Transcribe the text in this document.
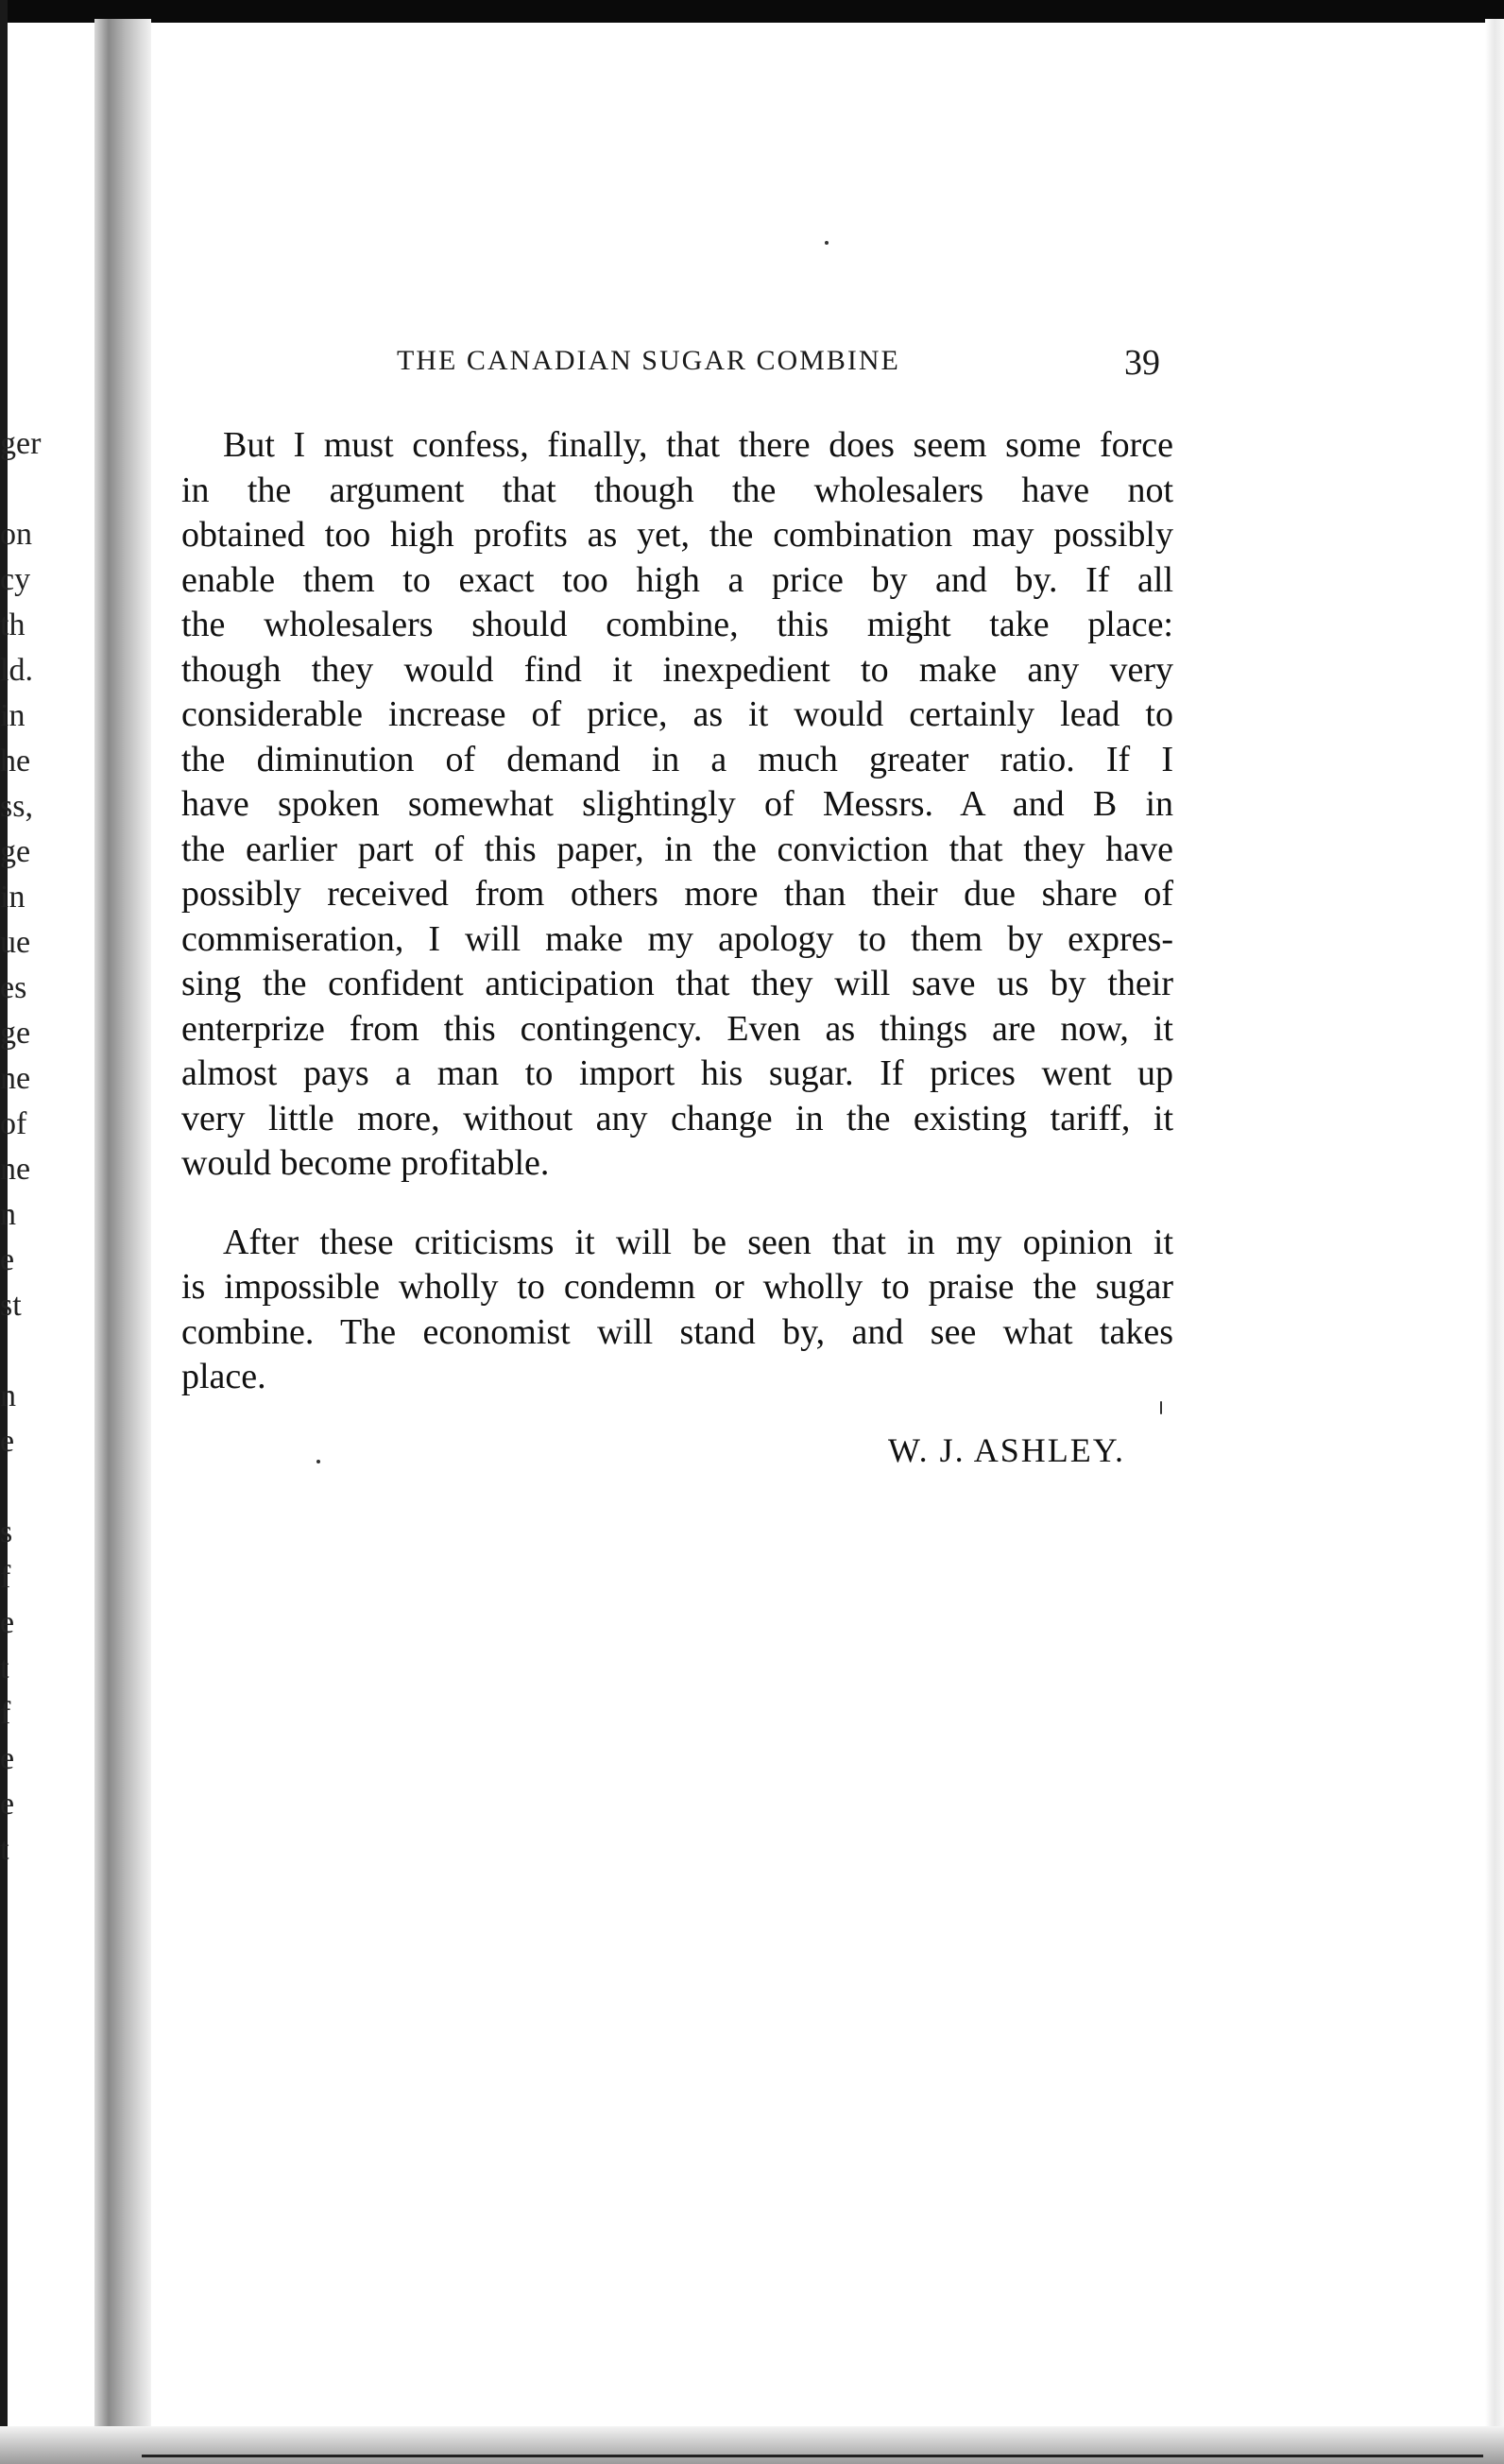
ger
on
cy
th
ld.
in
he
ss,
ge
in
ue
es
ge
ne
of
ne
n
e
st
n
e
s
f
e
t
f
e
e
t
THE CANADIAN SUGAR COMBINE	39
But I must confess, finally, that there does seem some force
in the argument that though the wholesalers have not
obtained too high profits as yet, the combination may possibly
enable them to exact too high a price by and by. If all
the wholesalers should combine, this might take place:
though they would find it inexpedient to make any very
considerable increase of price, as it would certainly lead to
the diminution of demand in a much greater ratio. If I
have spoken somewhat slightingly of Messrs. A and B in
the earlier part of this paper, in the conviction that they have
possibly received from others more than their due share of
commiseration, I will make my apology to them by expres-
sing the confident anticipation that they will save us by their
enterprize from this contingency. Even as things are now, it
almost pays a man to import his sugar. If prices went up
very little more, without any change in the existing tariff, it
would become profitable.
After these criticisms it will be seen that in my opinion it
is impossible wholly to condemn or wholly to praise the sugar
combine. The economist will stand by, and see what takes
place.
W. J. ASHLEY.
